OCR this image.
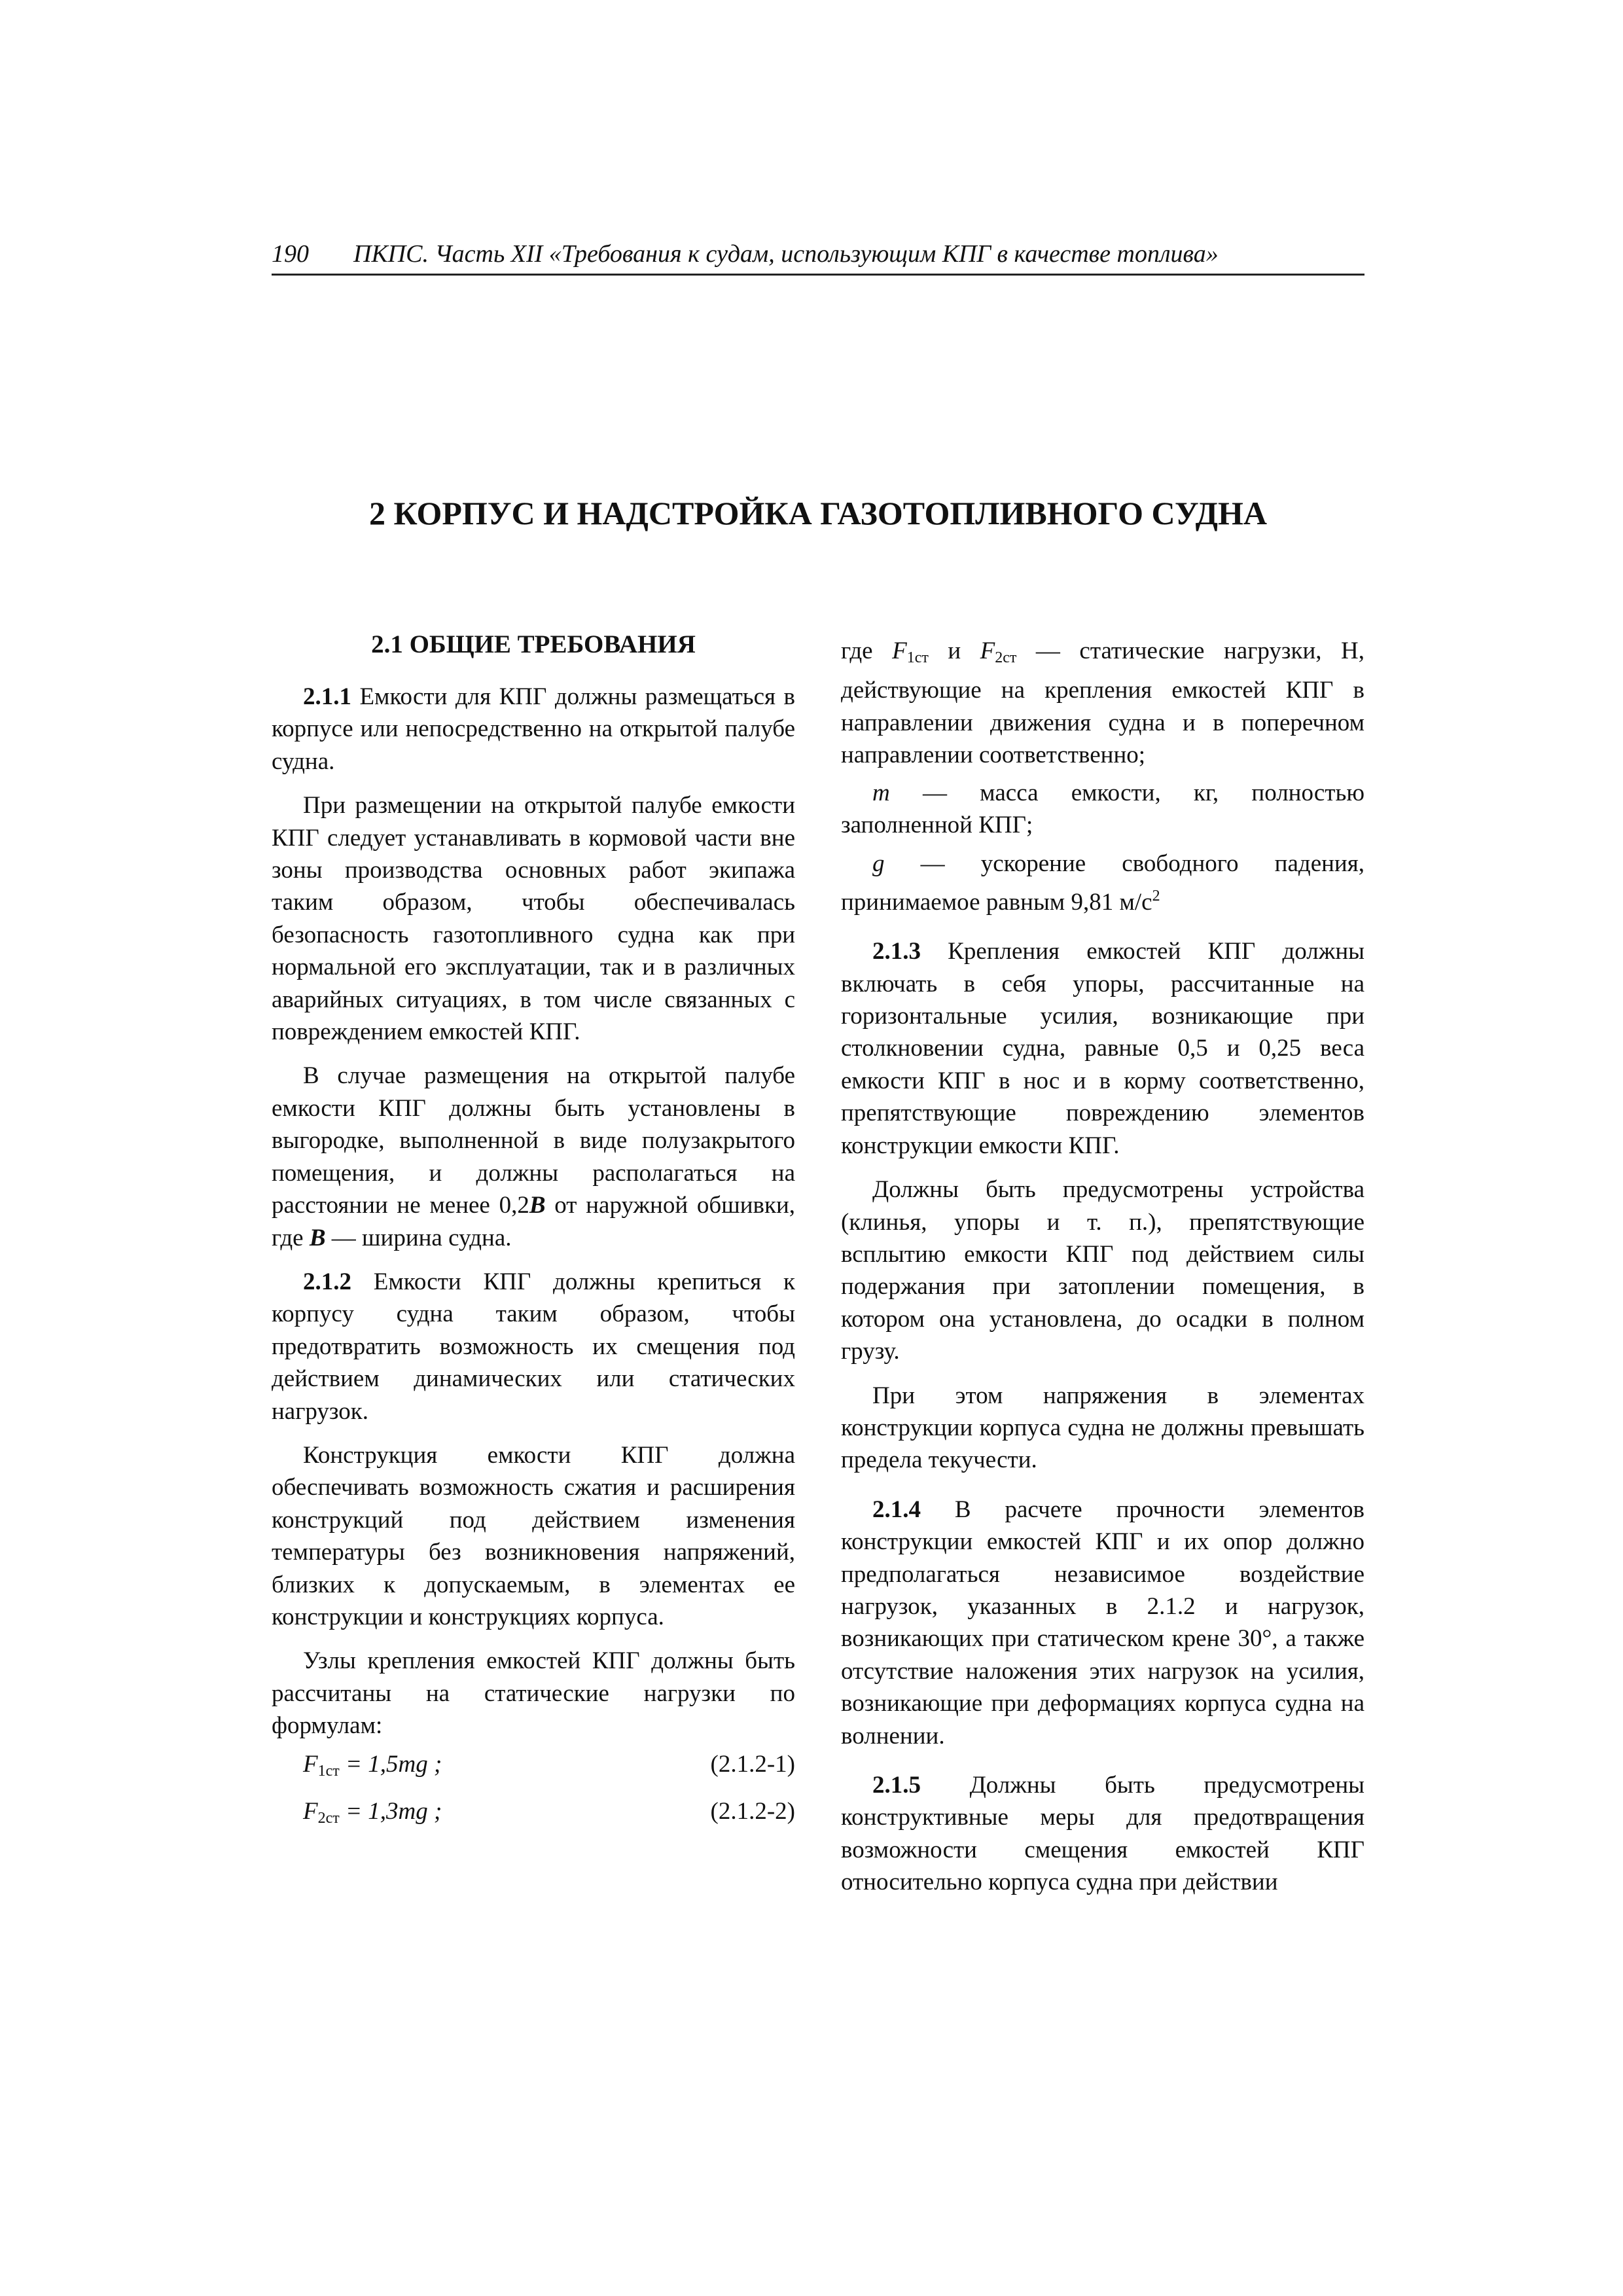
190 ПКПС. Часть XII «Требования к судам, использующим КПГ в качестве топлива»
2 КОРПУС И НАДСТРОЙКА ГАЗОТОПЛИВНОГО СУДНА
2.1 ОБЩИЕ ТРЕБОВАНИЯ

2.1.1 Емкости для КПГ должны размещаться в корпусе или непосредственно на открытой палубе судна.

При размещении на открытой палубе емкости КПГ следует устанавливать в кормовой части вне зоны производства основных работ экипажа таким образом, чтобы обеспечивалась безопасность газотопливного судна как при нормальной его эксплуатации, так и в различных аварийных ситуациях, в том числе связанных с повреждением емкостей КПГ.

В случае размещения на открытой палубе емкости КПГ должны быть установлены в выгородке, выполненной в виде полузакрытого помещения, и должны располагаться на расстоянии не менее 0,2B от наружной обшивки, где B — ширина судна.

2.1.2 Емкости КПГ должны крепиться к корпусу судна таким образом, чтобы предотвратить возможность их смещения под действием динамических или статических нагрузок.

Конструкция емкости КПГ должна обеспечивать возможность сжатия и расширения конструкций под действием изменения температуры без возникновения напряжений, близких к допускаемым, в элементах ее конструкции и конструкциях корпуса.

Узлы крепления емкостей КПГ должны быть рассчитаны на статические нагрузки по формулам:

$F_{1ст} = 1,5mg$ ;	(2.1.2-1)
$F_{2ст} = 1,3mg$ ;	(2.1.2-2)

где $F_{1ст}$ и $F_{2ст}$ — статические нагрузки, Н, действующие на крепления емкостей КПГ в направлении движения судна и в поперечном направлении соответственно;

m — масса емкости, кг, полностью заполненной КПГ;

g — ускорение свободного падения, принимаемое равным 9,81 $м/с^2$

2.1.3 Крепления емкостей КПГ должны включать в себя упоры, рассчитанные на горизонтальные усилия, возникающие при столкновении судна, равные 0,5 и 0,25 веса емкости КПГ в нос и в корму соответственно, препятствующие повреждению элементов конструкции емкости КПГ.

Должны быть предусмотрены устройства (клинья, упоры и т. п.), препятствующие всплытию емкости КПГ под действием силы подержания при затоплении помещения, в котором она установлена, до осадки в полном грузу.

При этом напряжения в элементах конструкции корпуса судна не должны превышать предела текучести.

2.1.4 В расчете прочности элементов конструкции емкостей КПГ и их опор должно предполагаться независимое воздействие нагрузок, указанных в 2.1.2 и нагрузок, возникающих при статическом крене 30°, а также отсутствие наложения этих нагрузок на усилия, возникающие при деформациях корпуса судна на волнении.

2.1.5 Должны быть предусмотрены конструктивные меры для предотвращения возможности смещения емкостей КПГ относительно корпуса судна при действии
